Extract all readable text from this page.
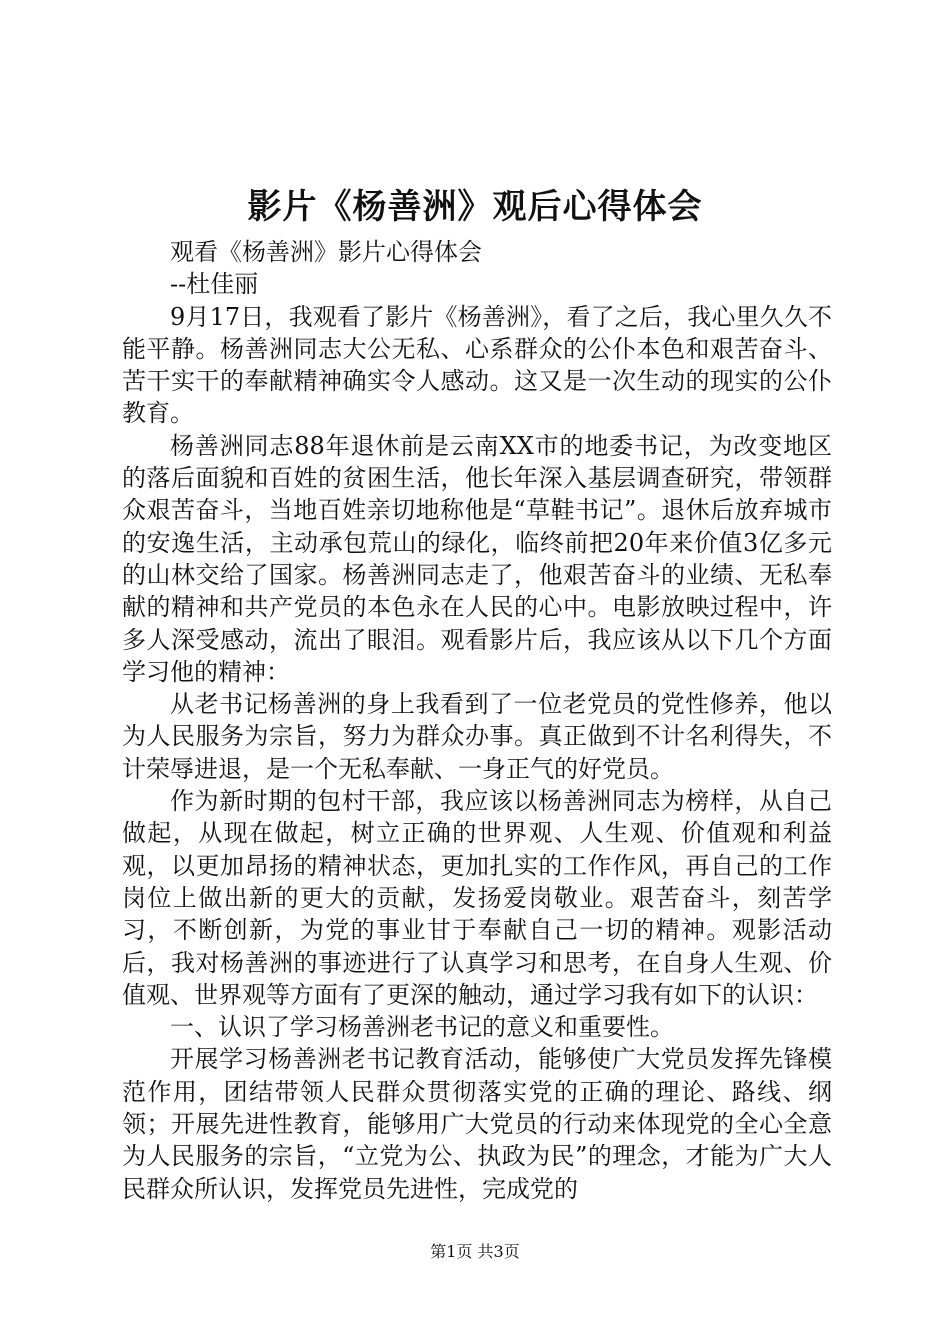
影片《杨善洲》观后心得体会

观看《杨善洲》影片心得体会

--杜佳丽

9月17日，我观看了影片《杨善洲》，看了之后，我心里久久不能平静。杨善洲同志大公无私、心系群众的公仆本色和艰苦奋斗、苦干实干的奉献精神确实令人感动。这又是一次生动的现实的公仆教育。

杨善洲同志88年退休前是云南XX市的地委书记，为改变地区的落后面貌和百姓的贫困生活，他长年深入基层调查研究，带领群众艰苦奋斗，当地百姓亲切地称他是“草鞋书记”。退休后放弃城市的安逸生活，主动承包荒山的绿化，临终前把20年来价值3亿多元的山林交给了国家。杨善洲同志走了，他艰苦奋斗的业绩、无私奉献的精神和共产党员的本色永在人民的心中。电影放映过程中，许多人深受感动，流出了眼泪。观看影片后，我应该从以下几个方面学习他的精神：

从老书记杨善洲的身上我看到了一位老党员的党性修养，他以为人民服务为宗旨，努力为群众办事。真正做到不计名利得失，不计荣辱进退，是一个无私奉献、一身正气的好党员。

作为新时期的包村干部，我应该以杨善洲同志为榜样，从自己做起，从现在做起，树立正确的世界观、人生观、价值观和利益观，以更加昂扬的精神状态，更加扎实的工作作风，再自己的工作岗位上做出新的更大的贡献，发扬爱岗敬业。艰苦奋斗，刻苦学习，不断创新，为党的事业甘于奉献自己一切的精神。观影活动后，我对杨善洲的事迹进行了认真学习和思考，在自身人生观、价值观、世界观等方面有了更深的触动，通过学习我有如下的认识：

一、认识了学习杨善洲老书记的意义和重要性。

开展学习杨善洲老书记教育活动，能够使广大党员发挥先锋模范作用，团结带领人民群众贯彻落实党的正确的理论、路线、纲领；开展先进性教育，能够用广大党员的行动来体现党的全心全意为人民服务的宗旨，“立党为公、执政为民”的理念，才能为广大人民群众所认识，发挥党员先进性，完成党的

第1页 共3页
